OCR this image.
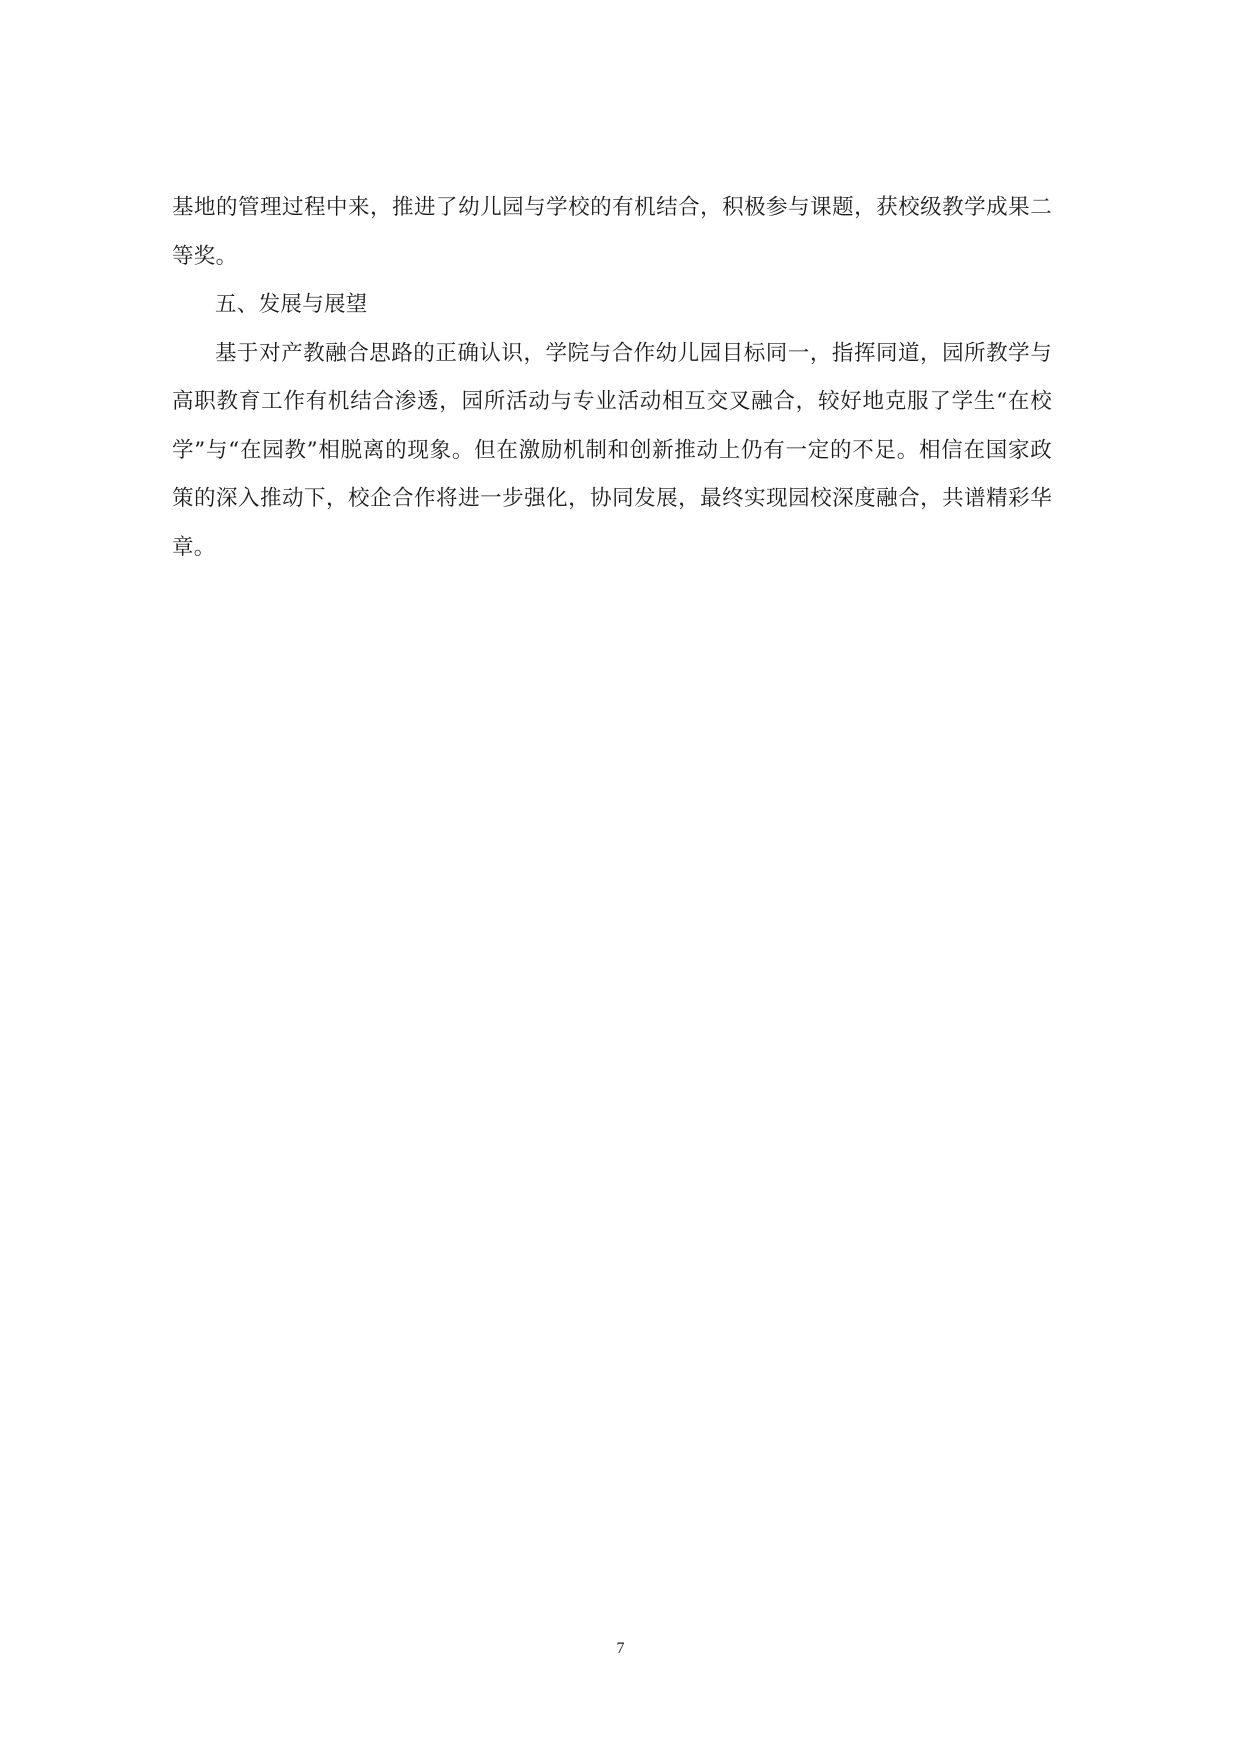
基地的管理过程中来，推进了幼儿园与学校的有机结合，积极参与课题，获校级教学成果二等奖。

五、发展与展望

基于对产教融合思路的正确认识，学院与合作幼儿园目标同一，指挥同道，园所教学与高职教育工作有机结合渗透，园所活动与专业活动相互交叉融合，较好地克服了学生“在校学”与“在园教”相脱离的现象。但在激励机制和创新推动上仍有一定的不足。相信在国家政策的深入推动下，校企合作将进一步强化，协同发展，最终实现园校深度融合，共谱精彩华章。

7
